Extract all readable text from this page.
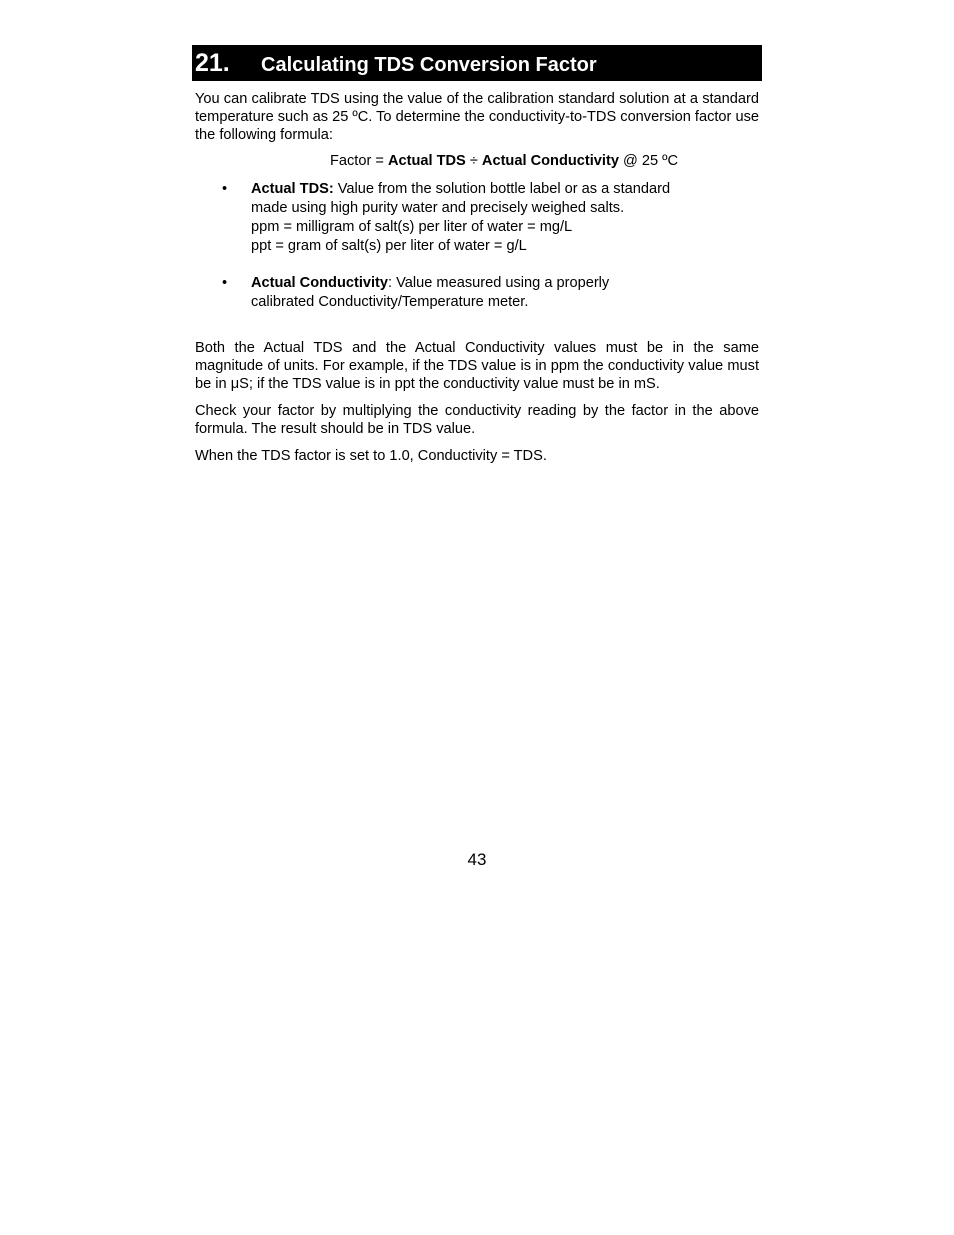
21. Calculating TDS Conversion Factor

You can calibrate TDS using the value of the calibration standard solution at a standard temperature such as 25 ºC. To determine the conductivity-to-TDS conversion factor use the following formula:

Factor = Actual TDS ÷ Actual Conductivity @ 25 ºC
•	Actual TDS: Value from the solution bottle label or as a standard
made using high purity water and precisely weighed salts.
ppm = milligram of salt(s) per liter of water = mg/L
ppt = gram of salt(s) per liter of water = g/L
•	Actual Conductivity: Value measured using a properly
calibrated Conductivity/Temperature meter.

Both the Actual TDS and the Actual Conductivity values must be in the same magnitude of units. For example, if the TDS value is in ppm the conductivity value must be in μS; if the TDS value is in ppt the conductivity value must be in mS.

Check your factor by multiplying the conductivity reading by the factor in the above formula. The result should be in TDS value.

When the TDS factor is set to 1.0, Conductivity = TDS.

43
